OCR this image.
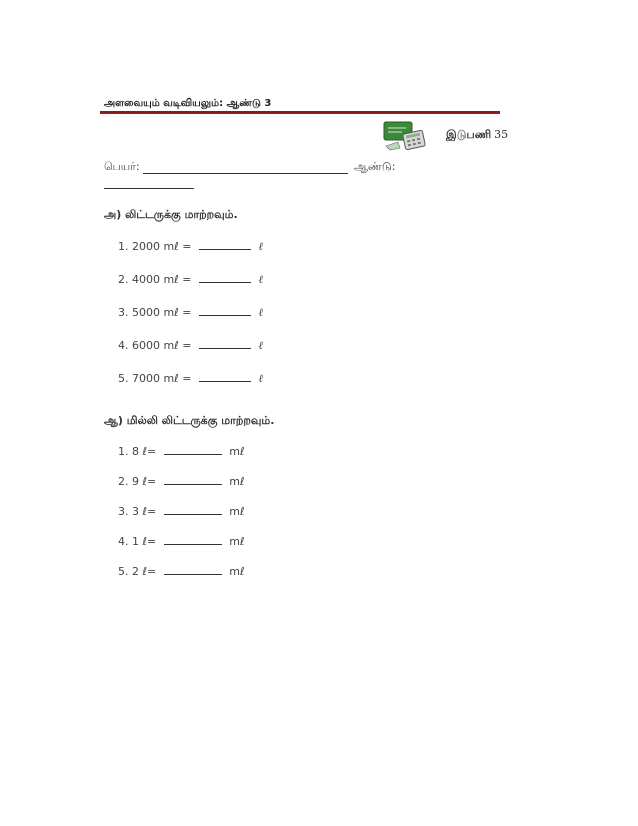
அளவையும் வடிவியலும்: ஆண்டு 3
இடுபணி 35
பெயர்:	ஆண்டு:
அ) லிட்டருக்கு மாற்றவும்.
1. 2000 mℓ =	ℓ
2. 4000 mℓ =	ℓ
3. 5000 mℓ =	ℓ
4. 6000 mℓ =	ℓ
5. 7000 mℓ =	ℓ
ஆ) மில்லி லிட்டருக்கு மாற்றவும்.
1. 8 ℓ=	mℓ
2. 9 ℓ=	mℓ
3. 3 ℓ=	mℓ
4. 1 ℓ=	mℓ
5. 2 ℓ=	mℓ
